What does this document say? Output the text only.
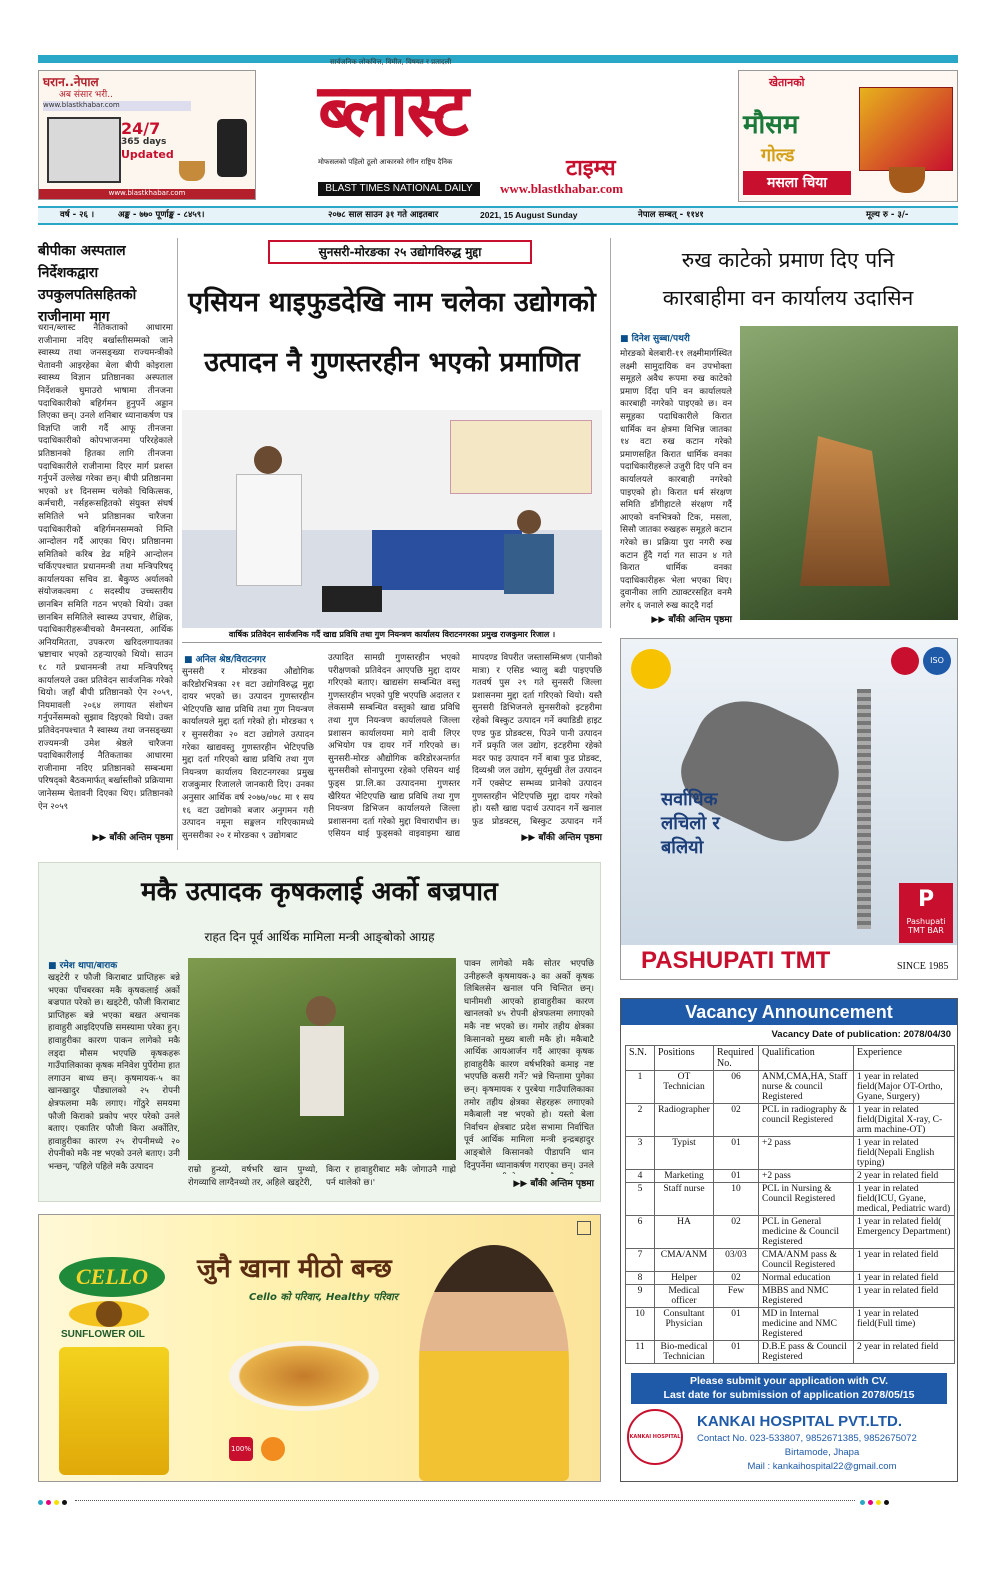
घरान..नेपाल
अब संसार भरी..
www.blastkhabar.com
24/7
365 days
Updated
www.blastkhabar.com
सार्वजनिक लोकवित्त, विमीत, विषयत र प्रतादली
ब्लास्ट
मोफसलको पहिलो ठूलो आकारको रंगीन राष्ट्रिय दैनिक	टाइम्स
BLAST TIMES NATIONAL DAILY	www.blastkhabar.com
खेतानको
मौसम
गोल्ड
मसला चिया
वर्ष - २६ ।	अङ्क - ७७० पूर्णाङ्क - ८४५९।	२०७८ साल साउन ३१ गते आइतबार	2021, 15 August Sunday	नेपाल सम्बत् - ११४१	मूल्य रु - ३/-
बीपीका अस्पताल निर्देशकद्वारा उपकुलपतिसहितको राजीनामा माग
धरान/ब्लास्ट नैतिकताको आधारमा राजीनामा नदिए बर्खास्तीसम्मको जाने स्वास्थ्य तथा जनसङ्ख्या राज्यमन्त्रीको चेतावनी आइरहेका बेला बीपी कोइराला स्वास्थ्य विज्ञान प्रतिष्ठानका अस्पताल निर्देशकले घुमाउरो भाषामा तीनजना पदाधिकारीको बहिर्गमन हुनुपर्ने अड्डान लिएका छन्। उनले शनिबार ध्यानाकर्षण पत्र विज्ञप्ति जारी गर्दै आफू तीनजना पदाधिकारीको कोपभाजनमा परिरहेकाले प्रतिष्ठानको हितका लागि तीनजना पदाधिकारीले राजीनामा दिएर मार्ग प्रशस्त गर्नुपर्ने उल्लेख गरेका छन्। बीपी प्रतिष्ठानमा भएको ४१ दिनसम्म चलेको चिकित्सक, कर्मचारी, नर्सहरूसहितको संयुक्त संघर्ष समितिले भने प्रतिष्ठानका चारैजना पदाधिकारीको बहिर्गमनसम्मको निम्ति आन्दोलन गर्दै आएका थिए। प्रतिष्ठानमा समितिको करिब डेढ महिने आन्दोलन चर्किएपश्चात प्रधानमन्त्री तथा मन्त्रिपरिषद् कार्यालयका सचिव डा. बैकुण्ठ अर्यालको संयोजकत्वमा ८ सदस्यीय उच्चस्तरीय छानबिन समिति गठन भएको थियो। उक्त छानबिन समितिले स्वास्थ्य उपचार, शैक्षिक, पदाधिकारीहरूबीचको वैमनस्यता, आर्थिक अनियमितता, उपकरण खरिदलगायतका भ्रष्टाचार भएको ठहऱ्याएको थियो। साउन १८ गते प्रधानमन्त्री तथा मन्त्रिपरिषद् कार्यालयले उक्त प्रतिवेदन सार्वजनिक गरेको थियो। जहाँ बीपी प्रतिष्ठानको ऐन २०५९, नियमावली २०६४ लगायत संशोधन गर्नुपर्नेसम्मको सुझाव दिइएको थियो। उक्त प्रतिवेदनपश्चात नै स्वास्थ्य तथा जनसङ्ख्या राज्यमन्त्री उमेश श्रेष्ठले चारैजना पदाधिकारीलाई नैतिकताका आधारमा राजीनामा नदिए प्रतिष्ठानको सम्बन्धमा परिषद्को बैठकमार्फत् बर्खास्तीको प्रक्रियामा जानेसम्म चेतावनी दिएका थिए। प्रतिष्ठानको ऐन २०५९
▶▶ बाँकी अन्तिम पृष्ठमा
सुनसरी-मोरङका २५ उद्योगविरुद्ध मुद्दा
एसियन थाइफुडदेखि नाम चलेका उद्योगको
उत्पादन नै गुणस्तरहीन भएको प्रमाणित
वार्षिक प्रतिवेदन सार्वजनिक गर्दै खाद्य प्रविधि तथा गुण नियन्त्रण कार्यालय विराटनगरका प्रमुख राजकुमार रिजाल ।
■ अनिल श्रेष्ठ/विराटनगर
सुनसरी र मोरङका औद्योगिक करिडोरभित्रका २१ वटा उद्योगविरुद्ध मुद्दा दायर भएको छ। उत्पादन गुणस्तरहीन भेटिएपछि खाद्य प्रविधि तथा गुण नियन्त्रण कार्यालयले मुद्दा दर्ता गरेको हो। मोरङका ९ र सुनसरीका २० वटा उद्योगले उत्पादन गरेका खाद्यवस्तु गुणस्तरहीन भेटिएपछि मुद्दा दर्ता गरिएको खाद्य प्रविधि तथा गुण नियन्त्रण कार्यालय विराटनगरका प्रमुख राजकुमार रिजालले जानकारी दिए। उनका अनुसार आर्थिक वर्ष २०७७/०७८ मा १ सय १६ वटा उद्योगको बजार अनुगमन गरी उत्पादन नमूना सङ्कलन गरिएकामध्ये सुनसरीका २० र मोरङका ९ उद्योगबाट
उत्पादित सामग्री गुणस्तरहीन भएको परीक्षणको प्रतिवेदन आएपछि मुद्दा दायर गरिएको बताए। खाद्यसंग सम्बन्धित वस्तु गुणस्तरहीन भएको पुष्टि भएपछि अदालत र लेकसम्मै सम्बन्धित वस्तुको खाद्य प्रविधि तथा गुण नियन्त्रण कार्यालयले जिल्ला प्रशासन कार्यालयमा मागे दावी लिएर अभियोग पत्र दायर गर्ने गरिएको छ। सुनसरी-मोरङ औद्योगिक करिडोरअन्तर्गत सुनसरीको सोनापुरमा रहेको एसियन थाई फुड्स प्रा.लि.का उत्पादनमा गुणस्तर खैरियत भेटिएपछि खाद्य प्रविधि तथा गुण नियन्त्रण डिभिजन कार्यालयले जिल्ला प्रशासनमा दर्ता गरेको मुद्दा विचाराधीन छ। एसियन थाई फुड्सको वाइवाइमा खाद्य
मापदण्ड विपरीत जस्तासम्मिश्रण (पानीको मात्रा) र एसिड भ्यालु बढी पाइएपछि गतवर्ष पुस २९ गते सुनसरी जिल्ला प्रशासनमा मुद्दा दर्ता गरिएको थियो। यस्तै सुनसरी डिभिजनले सुनसरीको इटहरीमा रहेको बिस्कुट उत्पादन गर्ने क्याडिडी हाइट एण्ड फुड प्रोडक्टस, पिउने पानी उत्पादन गर्ने प्रकृति जल उद्योग, इटहरीमा रहेको मदर फाइ उत्पादन गर्ने बाबा फुड प्रोडक्ट, दिव्यश्री जल उद्योग, सूर्यमुखी तेल उत्पादन गर्ने एक्सेप्ट सम्भव्य प्रानेको उत्पादन गुणस्तरहीन भेटिएपछि मुद्दा दायर गरेको हो। यस्तै खाद्य पदार्थ उत्पादन गर्ने खनाल फुड प्रोडक्टस्, बिस्कुट उत्पादन गर्ने
▶▶ बाँकी अन्तिम पृष्ठमा
रुख काटेको प्रमाण दिए पनि
कारबाहीमा वन कार्यालय उदासिन
■ दिनेश सुब्बा/पथरी
मोरङको बेलबारी-११ लक्ष्मीमार्गस्थित लक्ष्मी सामुदायिक वन उपभोक्ता समूहले अवैध रूपमा रुख काटेको प्रमाण दिँदा पनि वन कार्यालयले कारबाही नगरेको पाइएको छ। वन समूहका पदाधिकारीले किरात धार्मिक वन क्षेत्रमा विभिन्न जातका १४ वटा रुख कटान गरेको प्रमाणसहित किरात धार्मिक वनका पदाधिकारीहरूले उजुरी दिए पनि वन कार्यालयले कारबाही नगरेको पाइएको हो। किरात धर्म संरक्षण समिति डाँगीहाटले संरक्षण गर्दै आएको वनभित्रको टिक, मसला, सिसौ जातका रुखहरू समूहले कटान गरेको छ। प्रक्रिया पुरा नगरी रुख कटान हुँदै गर्दा गत साउन ४ गते किरात धार्मिक वनका पदाधिकारीहरू भेला भएका थिए। दुवानीका लागि ट्याक्टरसहित वनमै लगेर ६ जनाले रुख काट्दै गर्दा
▶▶ बाँकी अन्तिम पृष्ठमा
ISO
सर्वाधिक
लचिलो र
बलियो
P
Pashupati
TMT BAR
PASHUPATI TMT	SINCE 1985
मकै उत्पादक कृषकलाई अर्को बज्रपात
राहत दिन पूर्व आर्थिक मामिला मन्त्री आङ्बोको आग्रह
■ रमेश थापा/बाराक
खड्टेरी र फौजी किराबाट प्राप्तिहरू बन्ने भएका पाँचबरका मकै कृषकलाई अर्को बज्रपात परेको छ। खड्टेरी, फौजी किराबाट प्राप्तिहरू बन्ने भएका बखत अचानक हावाहुरी आइदिएपछि समस्यामा परेका हुन्। हावाहुरीका कारण पाकन लागेको मकै लड्दा मौसम भएपछि कृषकहरू गाउँपालिकाका कृषक मनिवेश पुर्पेरोमा हात लगाउन बाध्य छन्। कृषमायक-५ का खानखादुर पौड्यालको २५ रोपनी क्षेत्रफलमा मकै लगाए। गोंठुरे समयमा फौजी किराको प्रकोप भएर परेको उनले बताए। एकातिर फौजी किरा अर्कोतिर, हावाहुरीका कारण २५ रोपनीमध्ये २० रोपनीको मकै नष्ट भएको उनले बताए। उनी भन्छन्, 'पहिले पहिले मकै उत्पादन	राम्रो हुन्थ्यो, वर्षभरि खान पुग्थ्यो, रोगव्याधि लाग्दैनथ्यो तर, अहिले खड्टेरी,
किरा र हावाहुरीबाट मकै जोगाउनै गाह्रो पर्न थालेको छ।'
पाक्न लागेको मकै सोतर भएपछि उनीहरूलै कृषमायक-३ का अर्को कृषक लिबिलसेन खनाल पनि चिन्तित छन्। घानीमशी आएको हावाहुरीका कारण खानलको ४५ रोपनी क्षेत्रफलमा लगाएको मकै नष्ट भएको छ। गमोर तहीय क्षेत्रका किसानको मुख्य बाली मकै हो। मकैबाटै आर्थिक आयआर्जन गर्दै आएका कृषक हावाहुरीकै कारण वर्षभरिको कमाइ नष्ट भएपछि कसरी गर्ने? भन्ने चिन्तामा पुगेका छन्। कृषमायक र पुरबेया गाउँपालिकाका तमोर तहीय क्षेत्रका सेहरहरू लगाएको मकैबाली नष्ट भएको हो। यस्तो बेला निर्वाचन क्षेत्रबाट प्रदेश सभामा निर्वाचित पूर्व आर्थिक मामिला मन्त्री इन्द्रबहादुर आङ्बोले किसानको पीडापनि धान दिनुपर्नेमा ध्यानाकर्षण गराएका छन्। उनले
▶▶ बाँकी अन्तिम पृष्ठमा
CELLO
SUNFLOWER OIL
जुनै खाना मीठो बन्छ
Cello को परिवार, Healthy परिवार
100%
Vacancy Announcement
Vacancy Date of publication: 2078/04/30
S.N.	Positions	Required No.	Qualification	Experience
1	OT Technician	06	ANM,CMA,HA, Staff nurse & council Registered	1 year in related field(Major OT-Ortho, Gyane, Surgery)
2	Radiographer	02	PCL in radiography & council Registered	1 year in related field(Digital X-ray, C-arm machine-OT)
3	Typist	01	+2 pass	1 year in related field(Nepali English typing)
4	Marketing	01	+2 pass	2 year in related field
5	Staff nurse	10	PCL in Nursing & Council Registered	1 year in related field(ICU, Gyane, medical, Pediatric ward)
6	HA	02	PCL in General medicine & Council Registered	1 year in related field( Emergency Department)
7	CMA/ANM	03/03	CMA/ANM pass & Council Registered	1 year in related field
8	Helper	02	Normal education	1 year in related field
9	Medical officer	Few	MBBS and NMC Registered	1 year in related field
10	Consultant Physician	01	MD in Internal medicine and NMC Registered	1 year in related field(Full time)
11	Bio-medical Technician	01	D.B.E pass & Council Registered	2 year in related field
Please submit your application with CV.
Last date for submission of application 2078/05/15
KANKAI HOSPITAL
KANKAI HOSPITAL PVT.LTD.
Contact No. 023-533807, 9852671385, 9852675072
Birtamode, Jhapa
Mail : kankaihospital22@gmail.com
